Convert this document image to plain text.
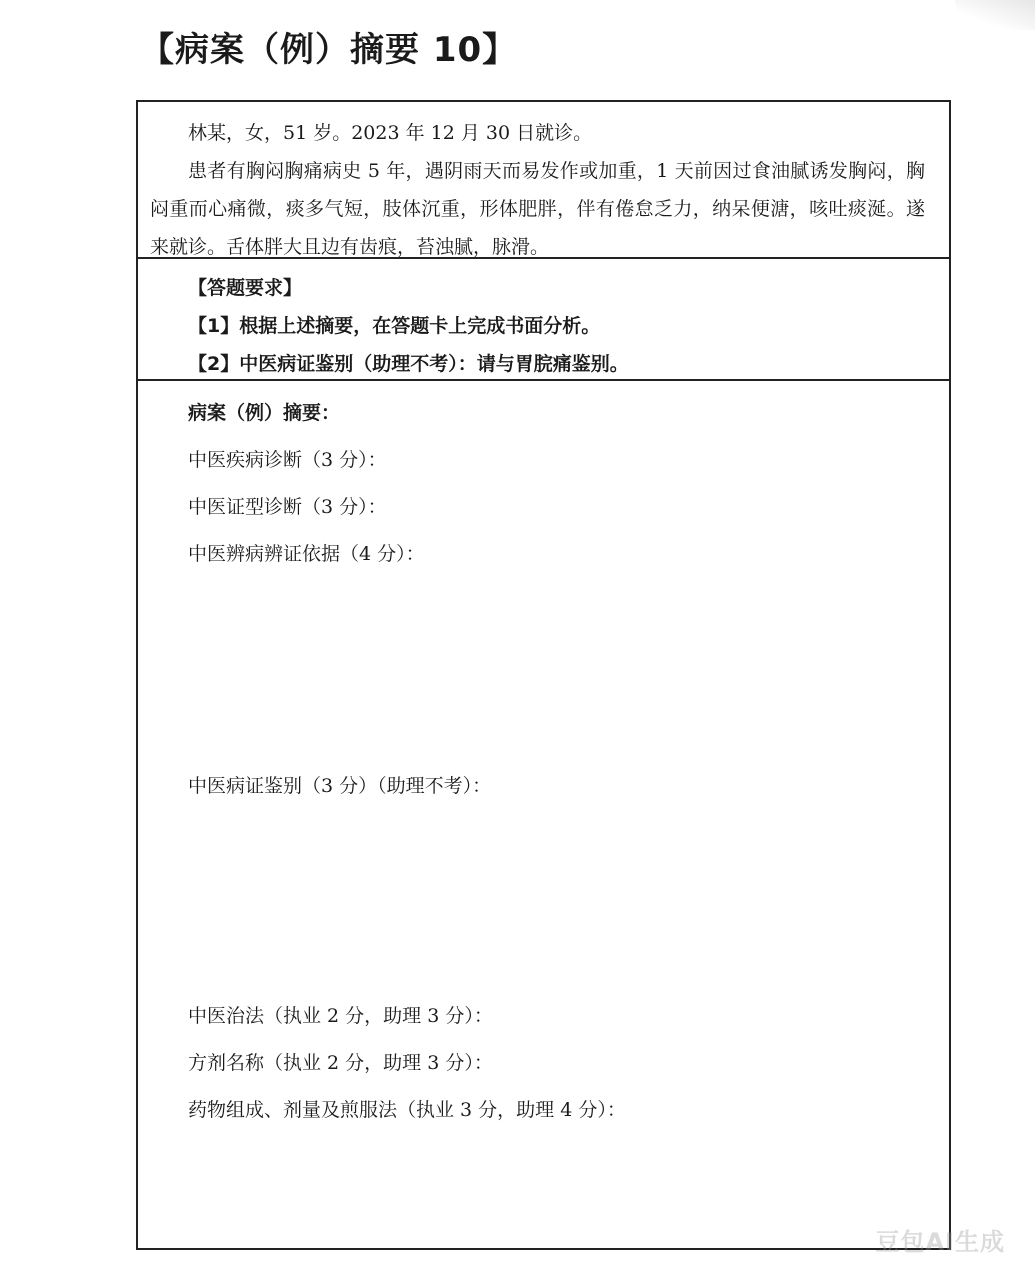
【病案（例）摘要 10】

林某，女，51 岁。2023 年 12 月 30 日就诊。

患者有胸闷胸痛病史 5 年，遇阴雨天而易发作或加重，1 天前因过食油腻诱发胸闷，胸闷重而心痛微，痰多气短，肢体沉重，形体肥胖，伴有倦怠乏力，纳呆便溏，咳吐痰涎。遂来就诊。舌体胖大且边有齿痕，苔浊腻，脉滑。

【答题要求】
【1】根据上述摘要，在答题卡上完成书面分析。
【2】中医病证鉴别（助理不考）：请与胃脘痛鉴别。
病案（例）摘要：
中医疾病诊断（3 分）：
中医证型诊断（3 分）：
中医辨病辨证依据（4 分）：
中医病证鉴别（3 分）（助理不考）：
中医治法（执业 2 分，助理 3 分）：
方剂名称（执业 2 分，助理 3 分）：
药物组成、剂量及煎服法（执业 3 分，助理 4 分）：
豆包AI生成
